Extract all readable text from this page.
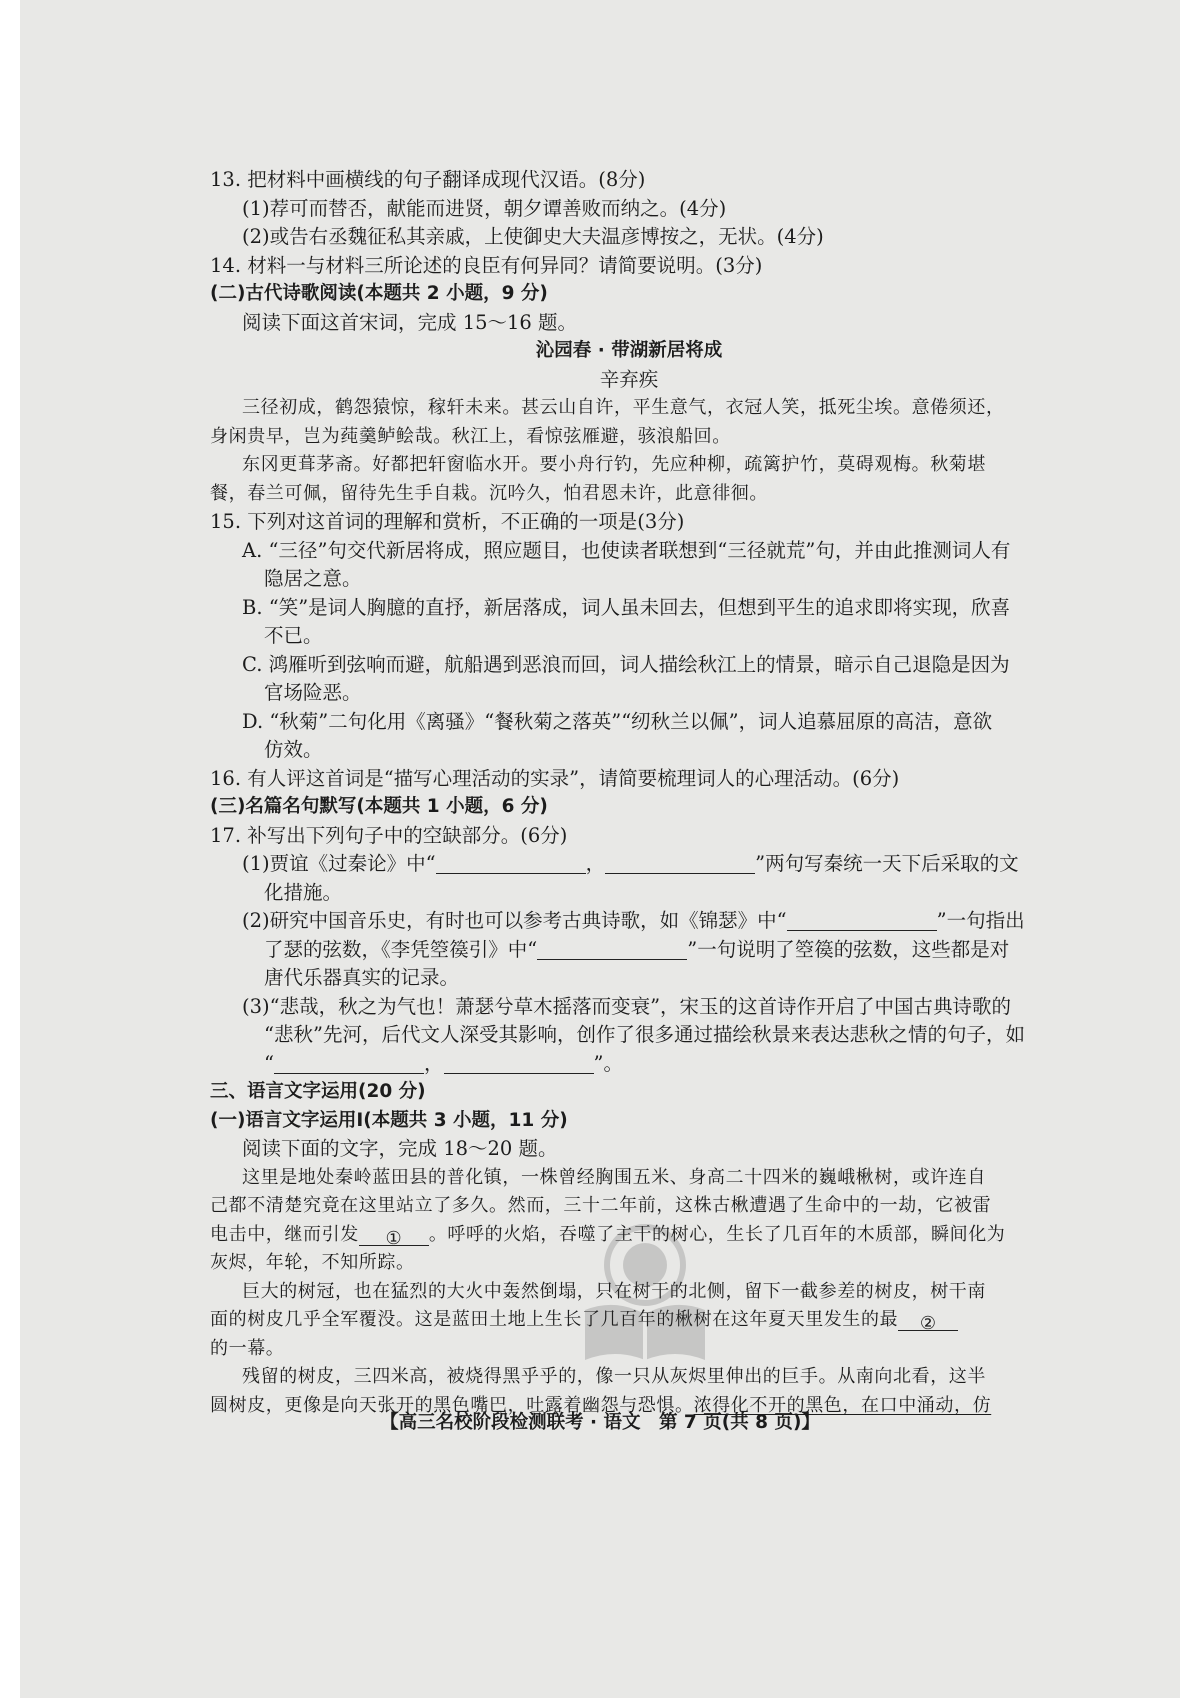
13. 把材料中画横线的句子翻译成现代汉语。(8分)
(1)荐可而替否，献能而进贤，朝夕谭善败而纳之。(4分)
(2)或告右丞魏征私其亲戚，上使御史大夫温彦博按之，无状。(4分)
14. 材料一与材料三所论述的良臣有何异同？请简要说明。(3分)
(二)古代诗歌阅读(本题共 2 小题，9 分)
阅读下面这首宋词，完成 15～16 题。
沁园春 · 带湖新居将成
辛弃疾
三径初成，鹤怨猿惊，稼轩未来。甚云山自许，平生意气，衣冠人笑，抵死尘埃。意倦须还，
身闲贵早，岂为莼羹鲈鲙哉。秋江上，看惊弦雁避，骇浪船回。
东冈更葺茅斋。好都把轩窗临水开。要小舟行钓，先应种柳，疏篱护竹，莫碍观梅。秋菊堪
餐，春兰可佩，留待先生手自栽。沉吟久，怕君恩未许，此意徘徊。
15. 下列对这首词的理解和赏析，不正确的一项是(3分)
A. “三径”句交代新居将成，照应题目，也使读者联想到“三径就荒”句，并由此推测词人有
隐居之意。
B. “笑”是词人胸臆的直抒，新居落成，词人虽未回去，但想到平生的追求即将实现，欣喜
不已。
C. 鸿雁听到弦响而避，航船遇到恶浪而回，词人描绘秋江上的情景，暗示自己退隐是因为
官场险恶。
D. “秋菊”二句化用《离骚》“餐秋菊之落英”“纫秋兰以佩”，词人追慕屈原的高洁，意欲
仿效。
16. 有人评这首词是“描写心理活动的实录”，请简要梳理词人的心理活动。(6分)
(三)名篇名句默写(本题共 1 小题，6 分)
17. 补写出下列句子中的空缺部分。(6分)
(1)贾谊《过秦论》中“	，	”两句写秦统一天下后采取的文
化措施。
(2)研究中国音乐史，有时也可以参考古典诗歌，如《锦瑟》中“	”一句指出
了瑟的弦数，《李凭箜篌引》中“	”一句说明了箜篌的弦数，这些都是对
唐代乐器真实的记录。
(3)“悲哉，秋之为气也！萧瑟兮草木摇落而变衰”，宋玉的这首诗作开启了中国古典诗歌的
“悲秋”先河，后代文人深受其影响，创作了很多通过描绘秋景来表达悲秋之情的句子，如
“	，	”。
三、语言文字运用(20 分)
(一)语言文字运用Ⅰ(本题共 3 小题，11 分)
阅读下面的文字，完成 18～20 题。
这里是地处秦岭蓝田县的普化镇，一株曾经胸围五米、身高二十四米的巍峨楸树，或许连自
己都不清楚究竟在这里站立了多久。然而，三十二年前，这株古楸遭遇了生命中的一劫，它被雷
电击中，继而引发 ① 。呼呼的火焰，吞噬了主干的树心，生长了几百年的木质部，瞬间化为
灰烬，年轮，不知所踪。
巨大的树冠，也在猛烈的大火中轰然倒塌，只在树干的北侧，留下一截参差的树皮，树干南
面的树皮几乎全军覆没。这是蓝田土地上生长了几百年的楸树在这年夏天里发生的最 ②
的一幕。
残留的树皮，三四米高，被烧得黑乎乎的，像一只从灰烬里伸出的巨手。从南向北看，这半
圆树皮，更像是向天张开的黑色嘴巴，吐露着幽怨与恐惧。浓得化不开的黑色，在口中涌动，仿
【高三名校阶段检测联考 · 语文　第 7 页(共 8 页)】
